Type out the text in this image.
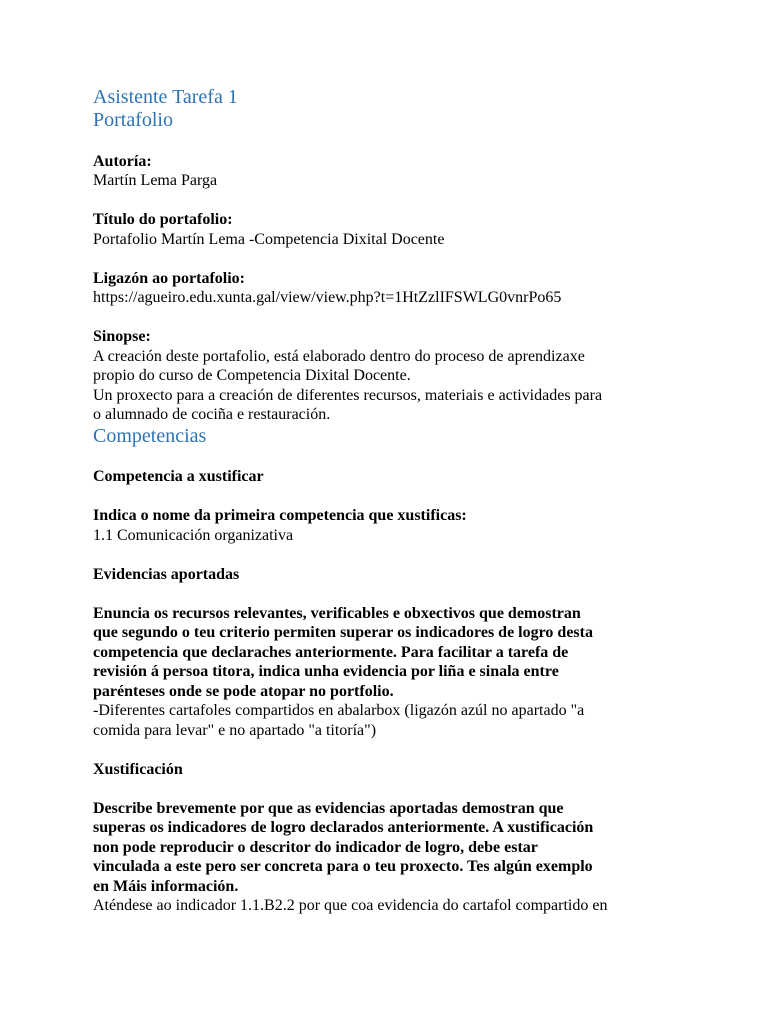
Asistente Tarefa 1
Portafolio
Autoría:
Martín Lema Parga
Título do portafolio:
Portafolio Martín Lema -Competencia Dixital Docente
Ligazón ao portafolio:
https://agueiro.edu.xunta.gal/view/view.php?t=1HtZzlIFSWLG0vnrPo65
Sinopse:
A creación deste portafolio, está elaborado dentro do proceso de aprendizaxe
propio do curso de Competencia Dixital Docente.
Un proxecto para a creación de diferentes recursos, materiais e actividades para
o alumnado de cociña e restauración.
Competencias
Competencia a xustificar
Indica o nome da primeira competencia que xustificas:
1.1 Comunicación organizativa
Evidencias aportadas
Enuncia os recursos relevantes, verificables e obxectivos que demostran
que segundo o teu criterio permiten superar os indicadores de logro desta
competencia que declaraches anteriormente. Para facilitar a tarefa de
revisión á persoa titora, indica unha evidencia por liña e sinala entre
parénteses onde se pode atopar no portfolio.
-Diferentes cartafoles compartidos en abalarbox (ligazón azúl no apartado "a
comida para levar" e no apartado "a titoría")
Xustificación
Describe brevemente por que as evidencias aportadas demostran que
superas os indicadores de logro declarados anteriormente. A xustificación
non pode reproducir o descritor do indicador de logro, debe estar
vinculada a este pero ser concreta para o teu proxecto. Tes algún exemplo
en Máis información.
Aténdese ao indicador 1.1.B2.2 por que coa evidencia do cartafol compartido en
